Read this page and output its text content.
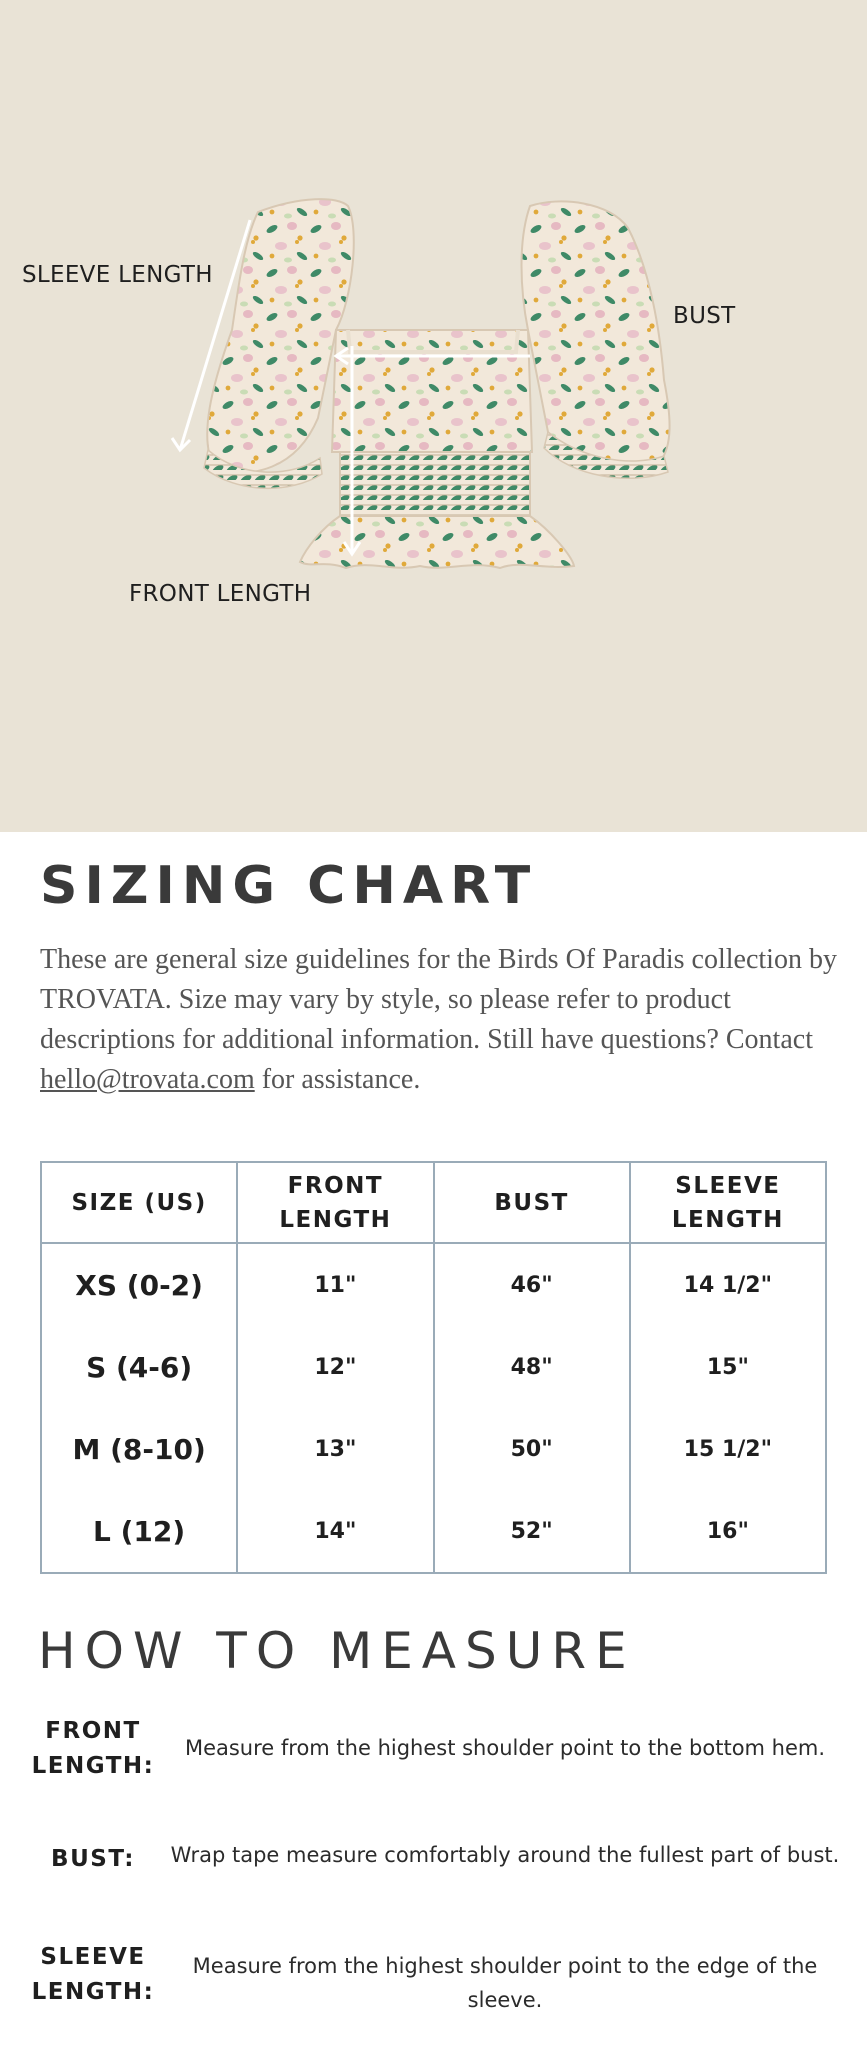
SLEEVE LENGTH
BUST
FRONT LENGTH
SIZING CHART

These are general size guidelines for the Birds Of Paradis collection by TROVATA. Size may vary by style, so please refer to product descriptions for additional information. Still have questions? Contact hello@trovata.com for assistance.

SIZE (US)	FRONT LENGTH	BUST	SLEEVE LENGTH
XS (0-2)	11"	46"	14 1/2"
S (4-6)	12"	48"	15"
M (8-10)	13"	50"	15 1/2"
L (12)	14"	52"	16"
HOW TO MEASURE
FRONT LENGTH:
Measure from the highest shoulder point to the bottom hem.
BUST:	Wrap tape measure comfortably around the fullest part of bust.
SLEEVE LENGTH:
Measure from the highest shoulder point to the edge of the sleeve.
